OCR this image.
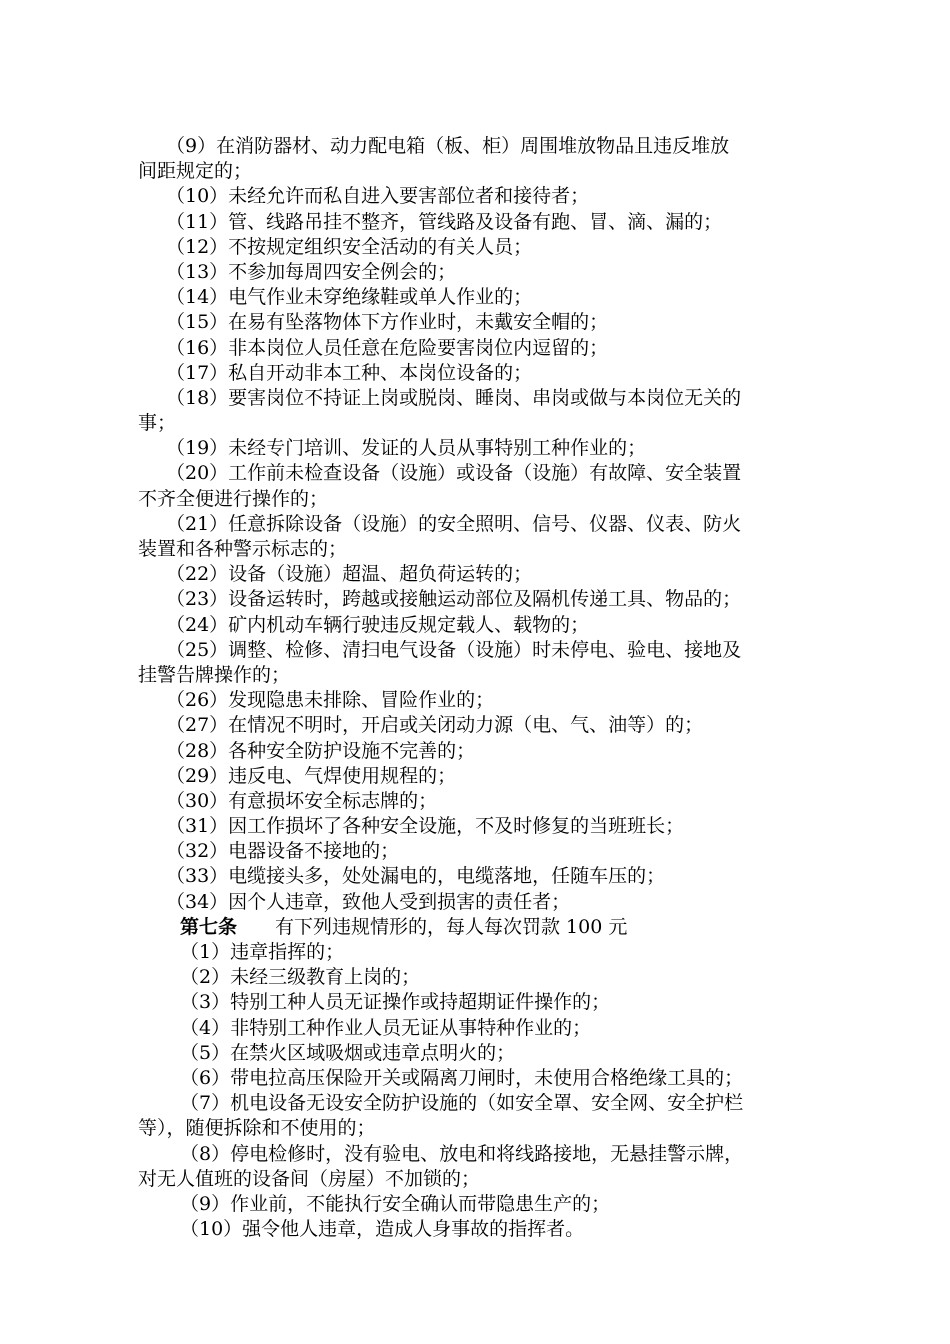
（9）在消防器材、动力配电箱（板、柜）周围堆放物品且违反堆放
间距规定的；
（10）未经允许而私自进入要害部位者和接待者；
（11）管、线路吊挂不整齐，管线路及设备有跑、冒、滴、漏的；
（12）不按规定组织安全活动的有关人员；
（13）不参加每周四安全例会的；
（14）电气作业未穿绝缘鞋或单人作业的；
（15）在易有坠落物体下方作业时，未戴安全帽的；
（16）非本岗位人员任意在危险要害岗位内逗留的；
（17）私自开动非本工种、本岗位设备的；
（18）要害岗位不持证上岗或脱岗、睡岗、串岗或做与本岗位无关的
事；
（19）未经专门培训、发证的人员从事特别工种作业的；
（20）工作前未检查设备（设施）或设备（设施）有故障、安全装置
不齐全便进行操作的；
（21）任意拆除设备（设施）的安全照明、信号、仪器、仪表、防火
装置和各种警示标志的；
（22）设备（设施）超温、超负荷运转的；
（23）设备运转时，跨越或接触运动部位及隔机传递工具、物品的；
（24）矿内机动车辆行驶违反规定载人、载物的；
（25）调整、检修、清扫电气设备（设施）时未停电、验电、接地及
挂警告牌操作的；
（26）发现隐患未排除、冒险作业的；
（27）在情况不明时，开启或关闭动力源（电、气、油等）的；
（28）各种安全防护设施不完善的；
（29）违反电、气焊使用规程的；
（30）有意损坏安全标志牌的；
（31）因工作损坏了各种安全设施，不及时修复的当班班长；
（32）电器设备不接地的；
（33）电缆接头多，处处漏电的，电缆落地，任随车压的；
（34）因个人违章，致他人受到损害的责任者；
第七条 有下列违规情形的，每人每次罚款 100 元
（1）违章指挥的；
（2）未经三级教育上岗的；
（3）特别工种人员无证操作或持超期证件操作的；
（4）非特别工种作业人员无证从事特种作业的；
（5）在禁火区域吸烟或违章点明火的；
（6）带电拉高压保险开关或隔离刀闸时，未使用合格绝缘工具的；
（7）机电设备无设安全防护设施的（如安全罩、安全网、安全护栏
等），随便拆除和不使用的；
（8）停电检修时，没有验电、放电和将线路接地，无悬挂警示牌，
对无人值班的设备间（房屋）不加锁的；
（9）作业前，不能执行安全确认而带隐患生产的；
（10）强令他人违章，造成人身事故的指挥者。
